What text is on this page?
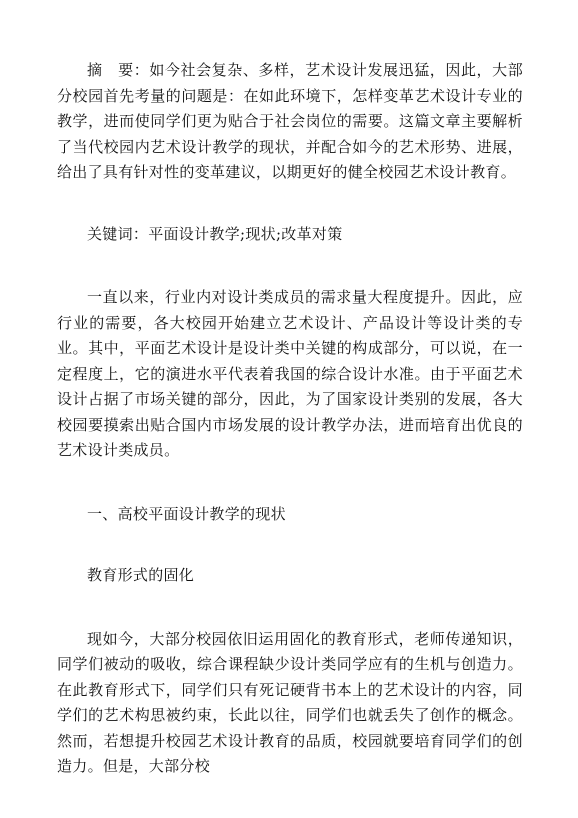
摘　要：如今社会复杂、多样，艺术设计发展迅猛，因此，大部分校园首先考量的问题是：在如此环境下，怎样变革艺术设计专业的教学，进而使同学们更为贴合于社会岗位的需要。这篇文章主要解析了当代校园内艺术设计教学的现状，并配合如今的艺术形势、进展，给出了具有针对性的变革建议，以期更好的健全校园艺术设计教育。

关键词：平面设计教学;现状;改革对策

一直以来，行业内对设计类成员的需求量大程度提升。因此，应行业的需要，各大校园开始建立艺术设计、产品设计等设计类的专业。其中，平面艺术设计是设计类中关键的构成部分，可以说，在一定程度上，它的演进水平代表着我国的综合设计水准。由于平面艺术设计占据了市场关键的部分，因此，为了国家设计类别的发展，各大校园要摸索出贴合国内市场发展的设计教学办法，进而培育出优良的艺术设计类成员。

一、高校平面设计教学的现状

教育形式的固化

现如今，大部分校园依旧运用固化的教育形式，老师传递知识，同学们被动的吸收，综合课程缺少设计类同学应有的生机与创造力。在此教育形式下，同学们只有死记硬背书本上的艺术设计的内容，同学们的艺术构思被约束，长此以往，同学们也就丢失了创作的概念。然而，若想提升校园艺术设计教育的品质，校园就要培育同学们的创造力。但是，大部分校
